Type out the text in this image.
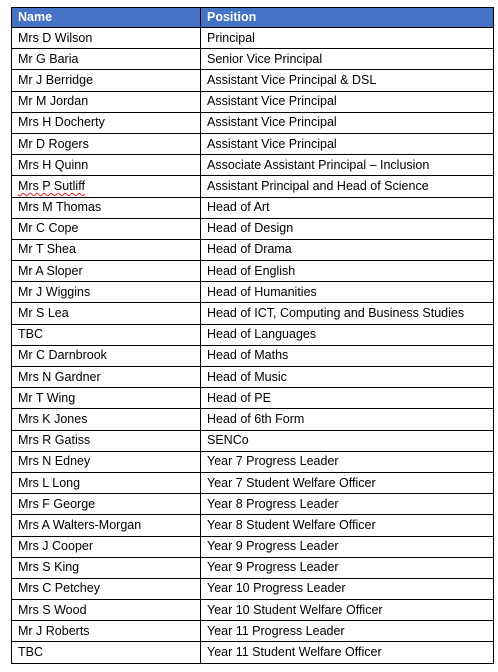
Name	Position
Mrs D Wilson	Principal
Mr G Baria	Senior Vice Principal
Mr J Berridge	Assistant Vice Principal & DSL
Mr M Jordan	Assistant Vice Principal
Mrs H Docherty	Assistant Vice Principal
Mr D Rogers	Assistant Vice Principal
Mrs H Quinn	Associate Assistant Principal – Inclusion
Mrs P Sutliff	Assistant Principal and Head of Science
Mrs M Thomas	Head of Art
Mr C Cope	Head of Design
Mr T Shea	Head of Drama
Mr A Sloper	Head of English
Mr J Wiggins	Head of Humanities
Mr S Lea	Head of ICT, Computing and Business Studies
TBC	Head of Languages
Mr C Darnbrook	Head of Maths
Mrs N Gardner	Head of Music
Mr T Wing	Head of PE
Mrs K Jones	Head of 6th Form
Mrs R Gatiss	SENCo
Mrs N Edney	Year 7 Progress Leader
Mrs L Long	Year 7 Student Welfare Officer
Mrs F George	Year 8 Progress Leader
Mrs A Walters-Morgan	Year 8 Student Welfare Officer
Mrs J Cooper	Year 9 Progress Leader
Mrs S King	Year 9 Progress Leader
Mrs C Petchey	Year 10 Progress Leader
Mrs S Wood	Year 10 Student Welfare Officer
Mr J Roberts	Year 11 Progress Leader
TBC	Year 11 Student Welfare Officer
